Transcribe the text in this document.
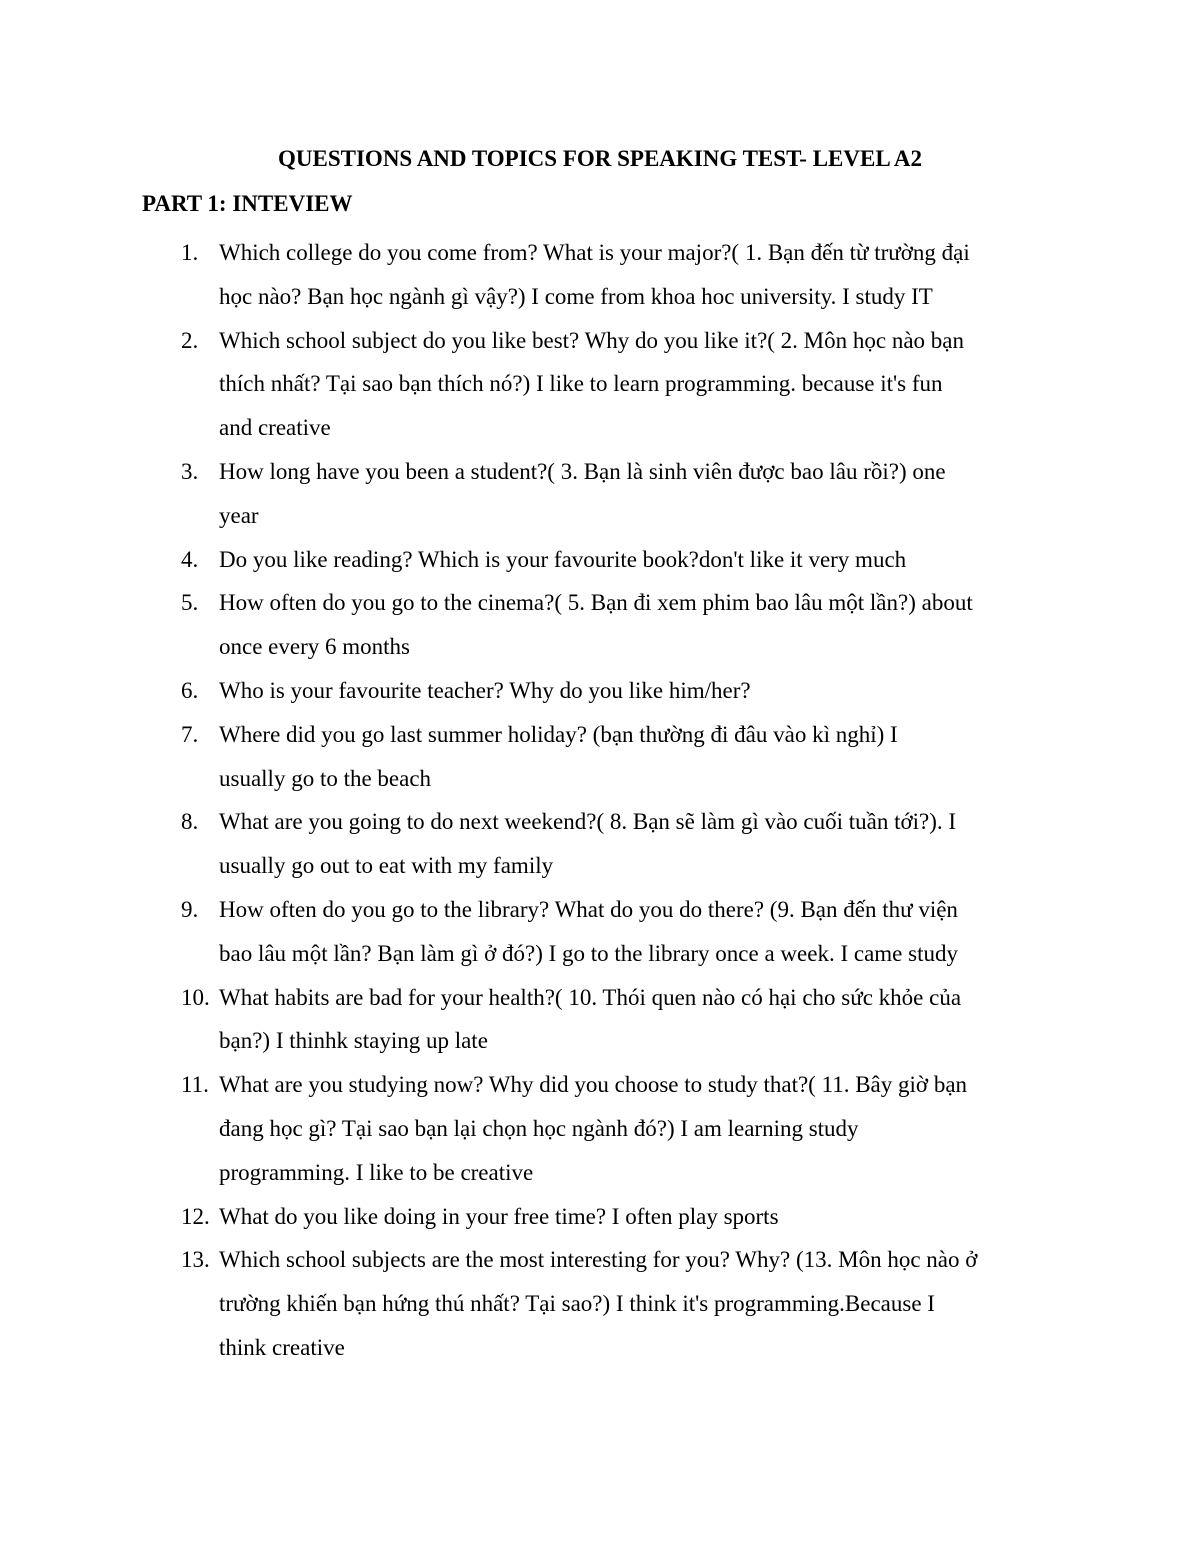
QUESTIONS AND TOPICS FOR SPEAKING TEST- LEVEL A2
PART 1: INTEVIEW
1. Which college do you come from? What is your major?( 1. Bạn đến từ trường đại
học nào? Bạn học ngành gì vậy?) I come from khoa hoc university. I study IT
2. Which school subject do you like best? Why do you like it?( 2. Môn học nào bạn
thích nhất? Tại sao bạn thích nó?) I like to learn programming. because it's fun
and creative
3. How long have you been a student?( 3. Bạn là sinh viên được bao lâu rồi?) one
year
4. Do you like reading? Which is your favourite book?don't like it very much
5. How often do you go to the cinema?( 5. Bạn đi xem phim bao lâu một lần?) about
once every 6 months
6. Who is your favourite teacher? Why do you like him/her?
7. Where did you go last summer holiday? (bạn thường đi đâu vào kì nghỉ) I
usually go to the beach
8. What are you going to do next weekend?( 8. Bạn sẽ làm gì vào cuối tuần tới?). I
usually go out to eat with my family
9. How often do you go to the library? What do you do there? (9. Bạn đến thư viện
bao lâu một lần? Bạn làm gì ở đó?) I go to the library once a week. I came study
10. What habits are bad for your health?( 10. Thói quen nào có hại cho sức khỏe của
bạn?) I thinhk staying up late
11. What are you studying now? Why did you choose to study that?( 11. Bây giờ bạn
đang học gì? Tại sao bạn lại chọn học ngành đó?) I am learning study
programming. I like to be creative
12. What do you like doing in your free time? I often play sports
13. Which school subjects are the most interesting for you? Why? (13. Môn học nào ở
trường khiến bạn hứng thú nhất? Tại sao?) I think it's programming.Because I
think creative
